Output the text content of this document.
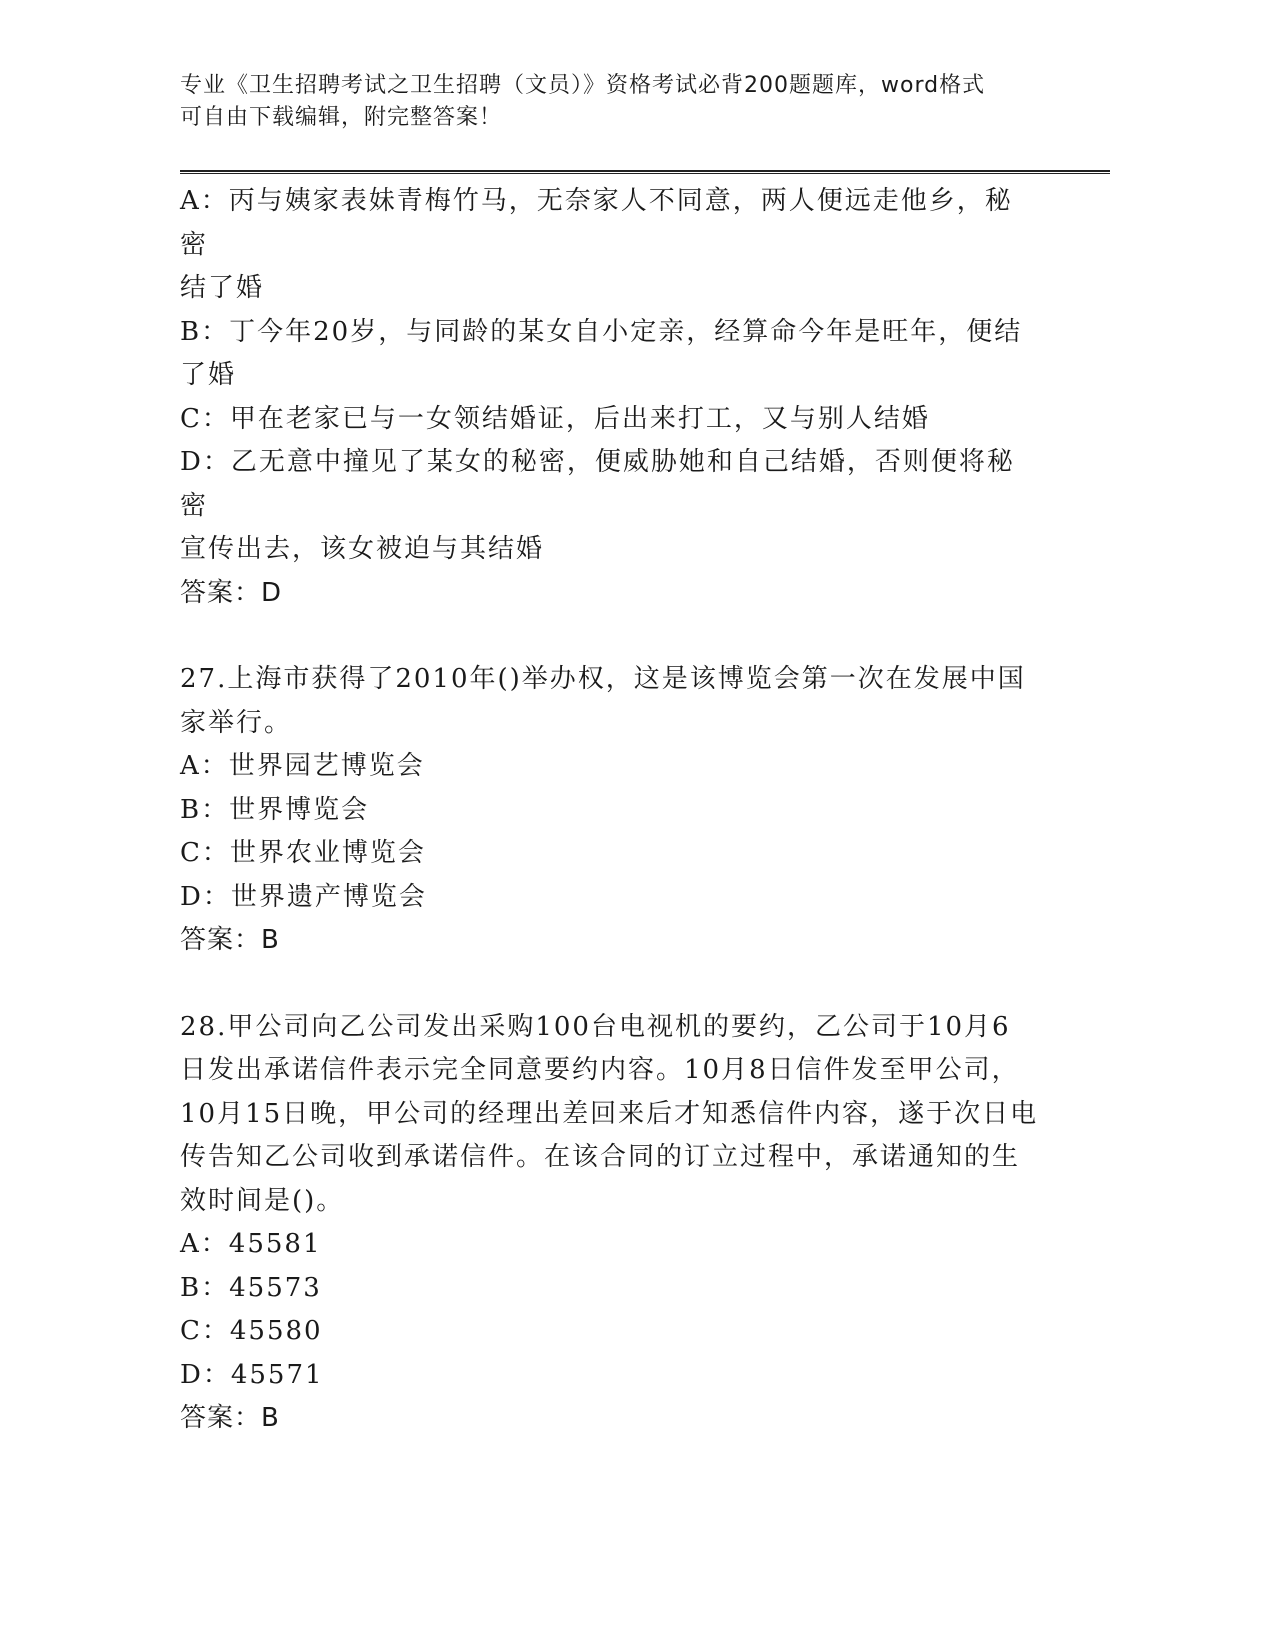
专业《卫生招聘考试之卫生招聘（文员）》资格考试必背200题题库，word格式
可自由下载编辑，附完整答案！
A：丙与姨家表妹青梅竹马，无奈家人不同意，两人便远走他乡，秘密
结了婚
B：丁今年20岁，与同龄的某女自小定亲，经算命今年是旺年，便结
了婚
C：甲在老家已与一女领结婚证，后出来打工，又与别人结婚
D：乙无意中撞见了某女的秘密，便威胁她和自己结婚，否则便将秘密
宣传出去，该女被迫与其结婚
答案：D
27.上海市获得了2010年()举办权，这是该博览会第一次在发展中国
家举行。
A：世界园艺博览会
B：世界博览会
C：世界农业博览会
D：世界遗产博览会
答案：B
28.甲公司向乙公司发出采购100台电视机的要约，乙公司于10月6
日发出承诺信件表示完全同意要约内容。10月8日信件发至甲公司，
10月15日晚，甲公司的经理出差回来后才知悉信件内容，遂于次日电
传告知乙公司收到承诺信件。在该合同的订立过程中，承诺通知的生
效时间是()。
A：45581
B：45573
C：45580
D：45571
答案：B
